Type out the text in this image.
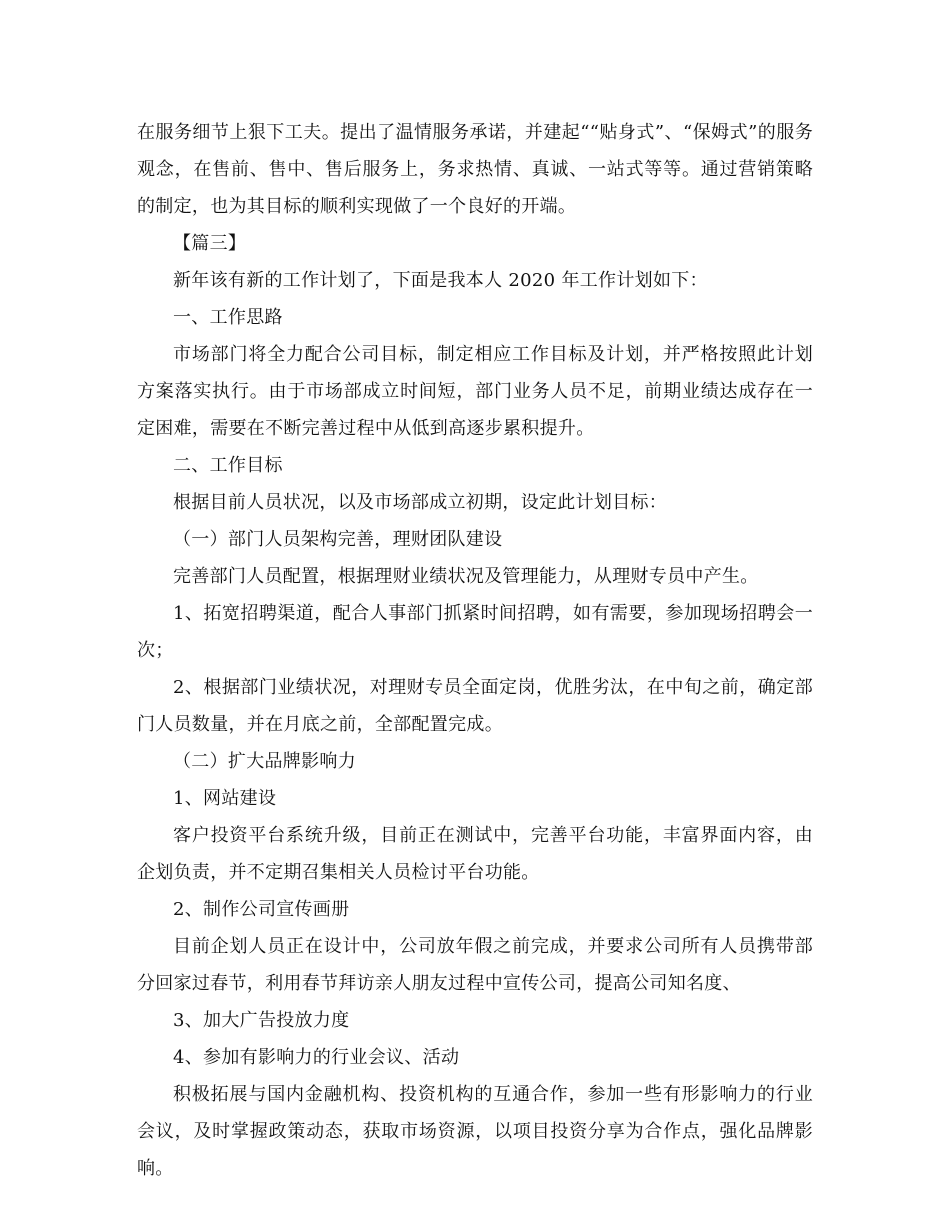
在服务细节上狠下工夫。提出了温情服务承诺，并建起““贴身式”、“保姆式”的服务观念，在售前、售中、售后服务上，务求热情、真诚、一站式等等。通过营销策略的制定，也为其目标的顺利实现做了一个良好的开端。

【篇三】

新年该有新的工作计划了，下面是我本人 2020 年工作计划如下：

一、工作思路

市场部门将全力配合公司目标，制定相应工作目标及计划，并严格按照此计划方案落实执行。由于市场部成立时间短，部门业务人员不足，前期业绩达成存在一定困难，需要在不断完善过程中从低到高逐步累积提升。

二、工作目标

根据目前人员状况，以及市场部成立初期，设定此计划目标：

（一）部门人员架构完善，理财团队建设

完善部门人员配置，根据理财业绩状况及管理能力，从理财专员中产生。

1、拓宽招聘渠道，配合人事部门抓紧时间招聘，如有需要，参加现场招聘会一次；

2、根据部门业绩状况，对理财专员全面定岗，优胜劣汰，在中旬之前，确定部门人员数量，并在月底之前，全部配置完成。

（二）扩大品牌影响力

1、网站建设

客户投资平台系统升级，目前正在测试中，完善平台功能，丰富界面内容，由企划负责，并不定期召集相关人员检讨平台功能。

2、制作公司宣传画册

目前企划人员正在设计中，公司放年假之前完成，并要求公司所有人员携带部分回家过春节，利用春节拜访亲人朋友过程中宣传公司，提高公司知名度、

3、加大广告投放力度

4、参加有影响力的行业会议、活动

积极拓展与国内金融机构、投资机构的互通合作，参加一些有形影响力的行业会议，及时掌握政策动态，获取市场资源，以项目投资分享为合作点，强化品牌影响。
